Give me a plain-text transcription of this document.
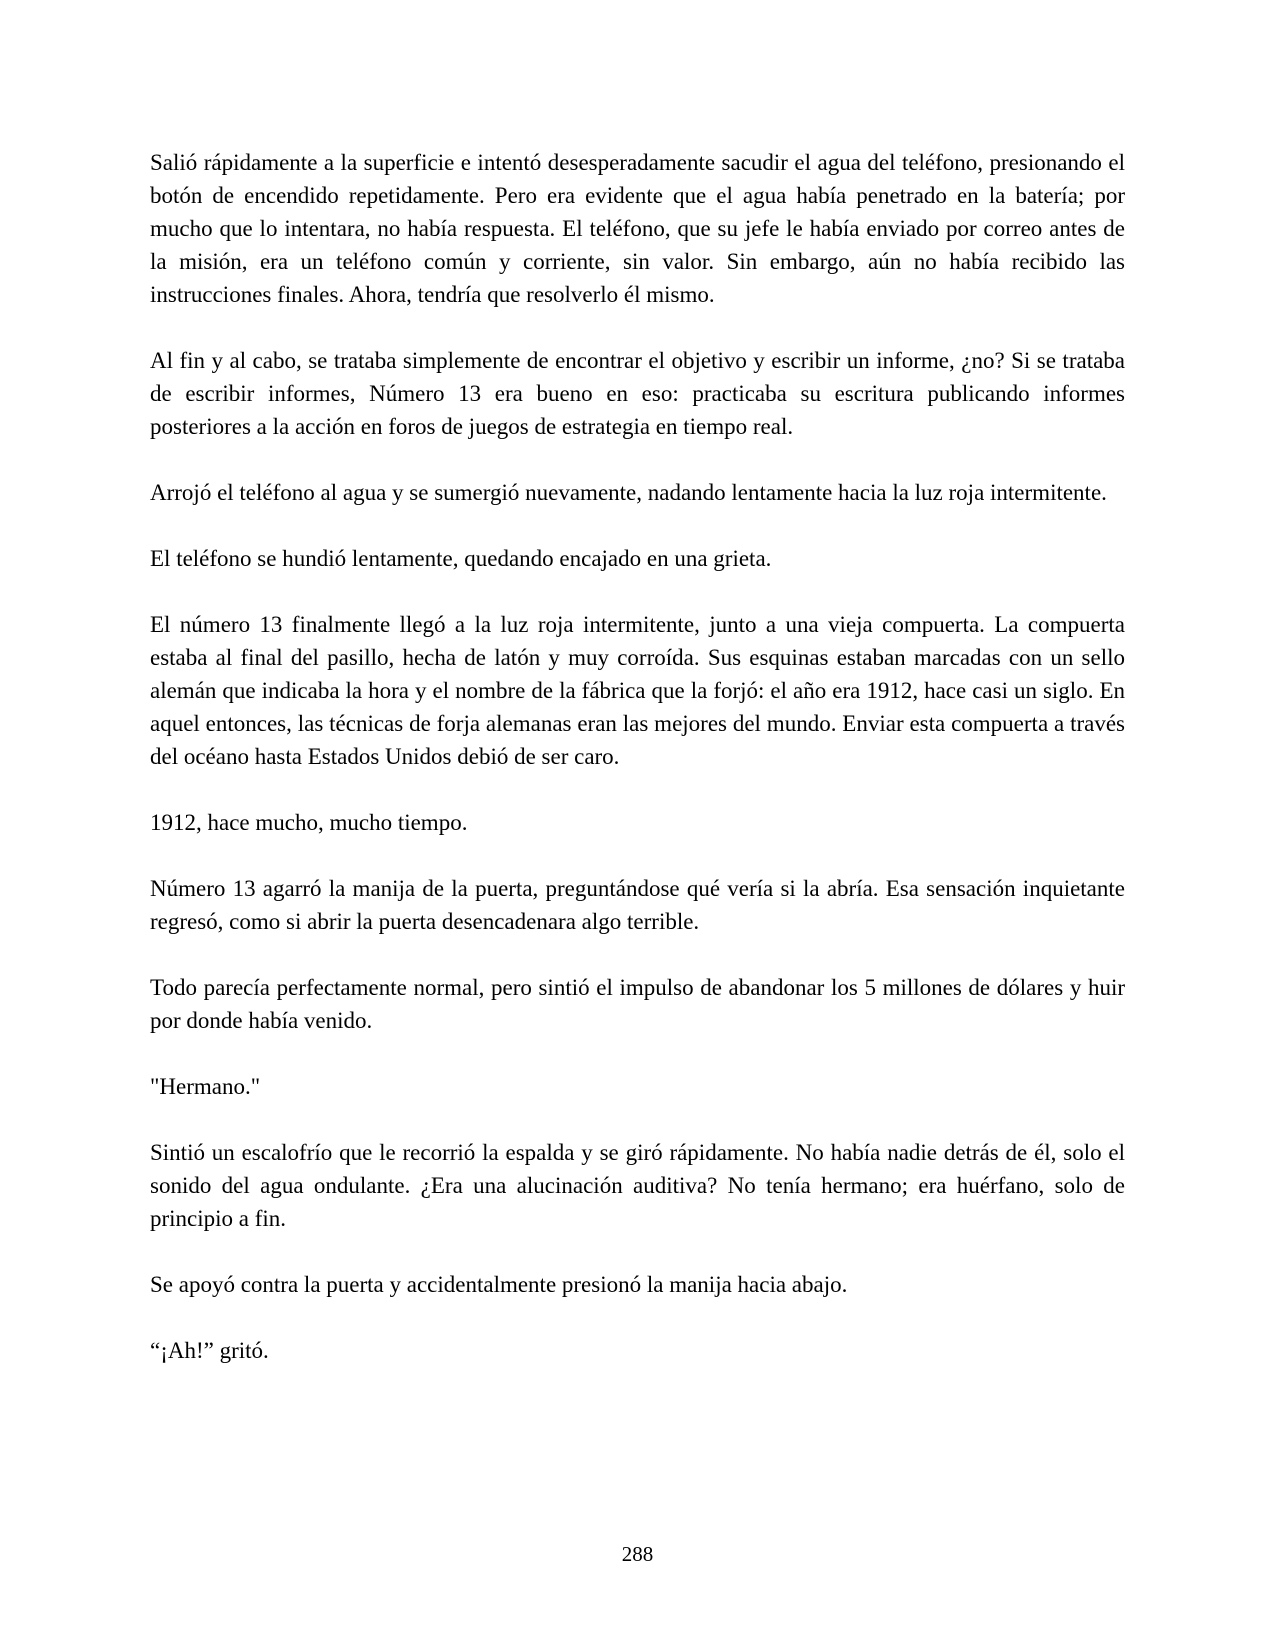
Salió rápidamente a la superficie e intentó desesperadamente sacudir el agua del teléfono, presionando el botón de encendido repetidamente. Pero era evidente que el agua había penetrado en la batería; por mucho que lo intentara, no había respuesta. El teléfono, que su jefe le había enviado por correo antes de la misión, era un teléfono común y corriente, sin valor. Sin embargo, aún no había recibido las instrucciones finales. Ahora, tendría que resolverlo él mismo.

Al fin y al cabo, se trataba simplemente de encontrar el objetivo y escribir un informe, ¿no? Si se trataba de escribir informes, Número 13 era bueno en eso: practicaba su escritura publicando informes posteriores a la acción en foros de juegos de estrategia en tiempo real.

Arrojó el teléfono al agua y se sumergió nuevamente, nadando lentamente hacia la luz roja intermitente.

El teléfono se hundió lentamente, quedando encajado en una grieta.

El número 13 finalmente llegó a la luz roja intermitente, junto a una vieja compuerta. La compuerta estaba al final del pasillo, hecha de latón y muy corroída. Sus esquinas estaban marcadas con un sello alemán que indicaba la hora y el nombre de la fábrica que la forjó: el año era 1912, hace casi un siglo. En aquel entonces, las técnicas de forja alemanas eran las mejores del mundo. Enviar esta compuerta a través del océano hasta Estados Unidos debió de ser caro.

1912, hace mucho, mucho tiempo.

Número 13 agarró la manija de la puerta, preguntándose qué vería si la abría. Esa sensación inquietante regresó, como si abrir la puerta desencadenara algo terrible.

Todo parecía perfectamente normal, pero sintió el impulso de abandonar los 5 millones de dólares y huir por donde había venido.

"Hermano."

Sintió un escalofrío que le recorrió la espalda y se giró rápidamente. No había nadie detrás de él, solo el sonido del agua ondulante. ¿Era una alucinación auditiva? No tenía hermano; era huérfano, solo de principio a fin.

Se apoyó contra la puerta y accidentalmente presionó la manija hacia abajo.

“¡Ah!” gritó.

288
